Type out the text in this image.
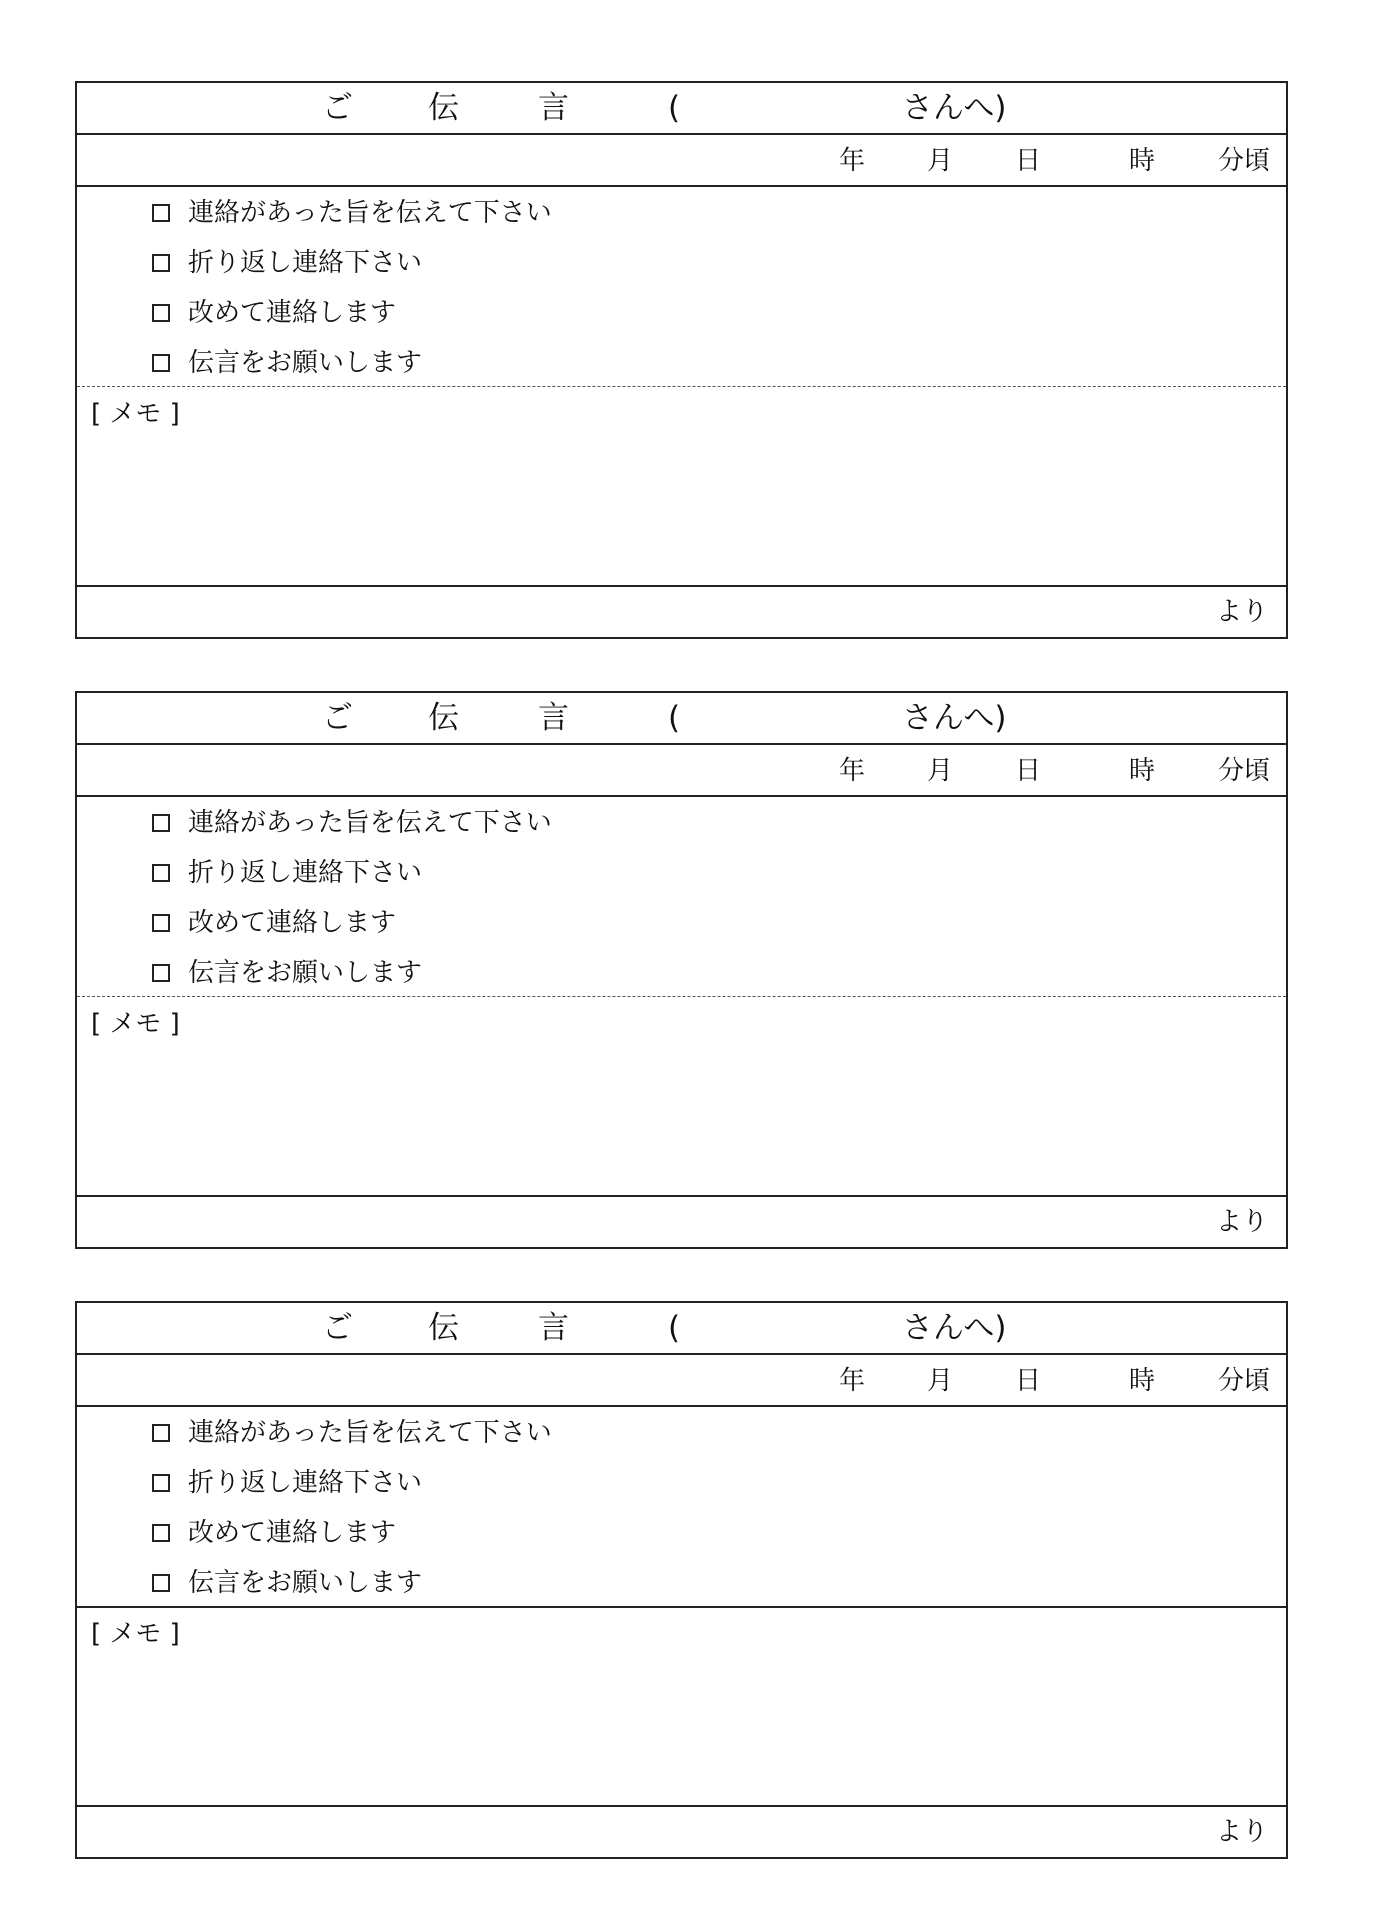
ご 伝	言	(	さんへ)
年 月 日	時 分頃
連絡があった旨を伝えて下さい
折り返し連絡下さい
改めて連絡します
伝言をお願いします
[ メモ ]
より
ご 伝	言	(	さんへ)
年 月 日	時 分頃
連絡があった旨を伝えて下さい
折り返し連絡下さい
改めて連絡します
伝言をお願いします
[ メモ ]
より
ご 伝	言	(	さんへ)
年 月 日	時 分頃
連絡があった旨を伝えて下さい
折り返し連絡下さい
改めて連絡します
伝言をお願いします
[ メモ ]
より
